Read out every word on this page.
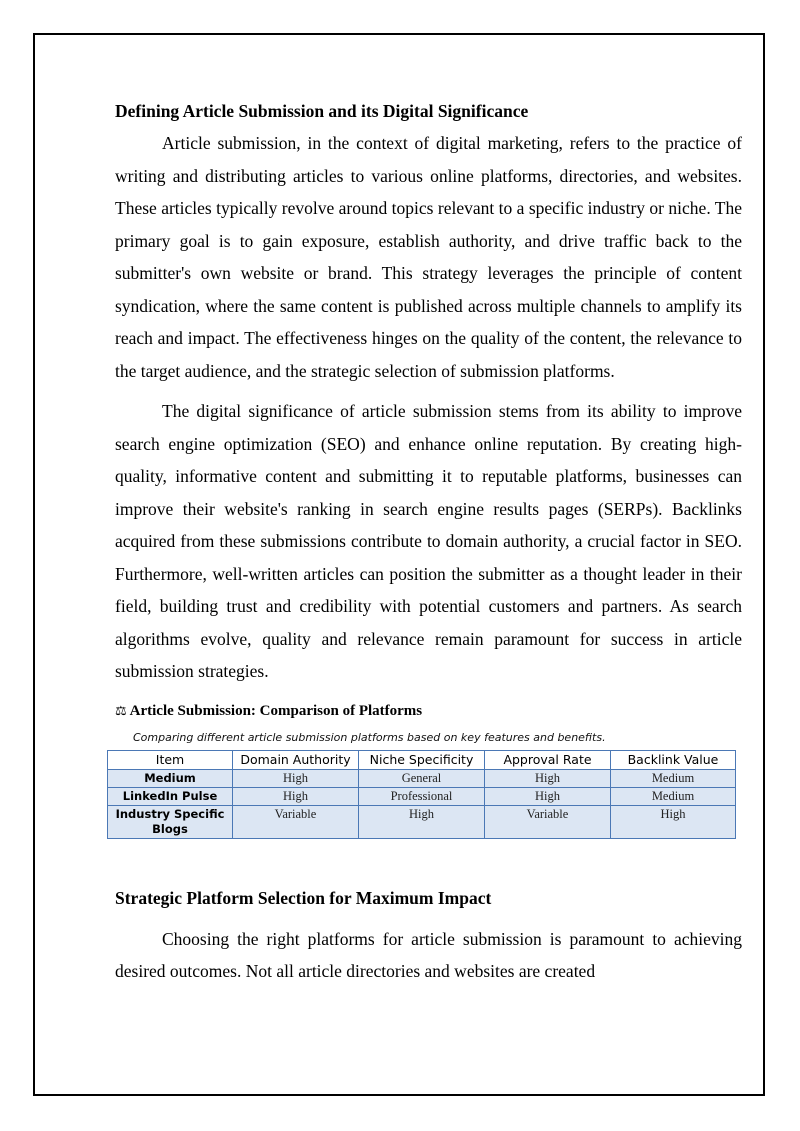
Defining Article Submission and its Digital Significance

Article submission, in the context of digital marketing, refers to the practice of writing and distributing articles to various online platforms, directories, and websites. These articles typically revolve around topics relevant to a specific industry or niche. The primary goal is to gain exposure, establish authority, and drive traffic back to the submitter's own website or brand. This strategy leverages the principle of content syndication, where the same content is published across multiple channels to amplify its reach and impact. The effectiveness hinges on the quality of the content, the relevance to the target audience, and the strategic selection of submission platforms.

The digital significance of article submission stems from its ability to improve search engine optimization (SEO) and enhance online reputation. By creating high-quality, informative content and submitting it to reputable platforms, businesses can improve their website's ranking in search engine results pages (SERPs). Backlinks acquired from these submissions contribute to domain authority, a crucial factor in SEO. Furthermore, well-written articles can position the submitter as a thought leader in their field, building trust and credibility with potential customers and partners. As search algorithms evolve, quality and relevance remain paramount for success in article submission strategies.

⚖ Article Submission: Comparison of Platforms
Comparing different article submission platforms based on key features and benefits.
Item	Domain Authority	Niche Specificity	Approval Rate	Backlink Value
Medium	High	General	High	Medium
LinkedIn Pulse	High	Professional	High	Medium
Industry Specific Blogs	Variable	High	Variable	High
Strategic Platform Selection for Maximum Impact

Choosing the right platforms for article submission is paramount to achieving desired outcomes. Not all article directories and websites are created
